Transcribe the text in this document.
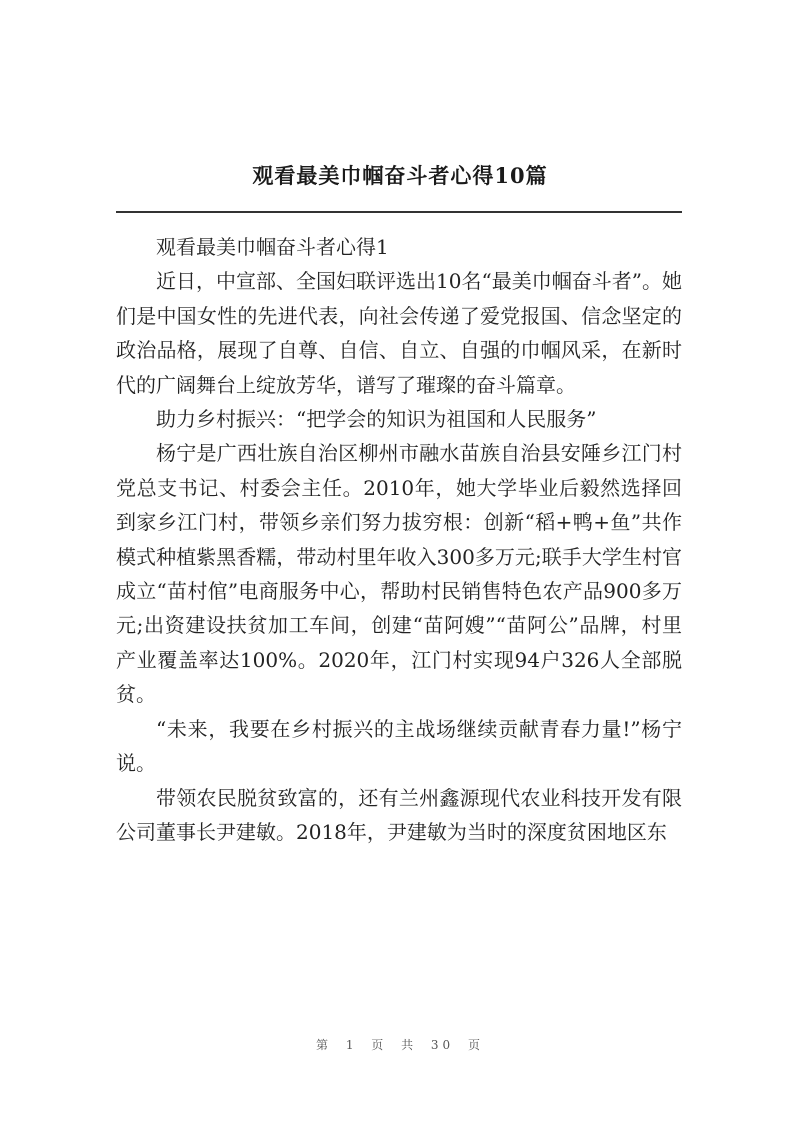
观看最美巾帼奋斗者心得10篇

观看最美巾帼奋斗者心得1

近日，中宣部、全国妇联评选出10名“最美巾帼奋斗者”。她们是中国女性的先进代表，向社会传递了爱党报国、信念坚定的政治品格，展现了自尊、自信、自立、自强的巾帼风采，在新时代的广阔舞台上绽放芳华，谱写了璀璨的奋斗篇章。

助力乡村振兴：“把学会的知识为祖国和人民服务”

杨宁是广西壮族自治区柳州市融水苗族自治县安陲乡江门村党总支书记、村委会主任。2010年，她大学毕业后毅然选择回到家乡江门村，带领乡亲们努力拔穷根：创新“稻+鸭+鱼”共作模式种植紫黑香糯，带动村里年收入300多万元;联手大学生村官成立“苗村倌”电商服务中心，帮助村民销售特色农产品900多万元;出资建设扶贫加工车间，创建“苗阿嫂”“苗阿公”品牌，村里产业覆盖率达100%。2020年，江门村实现94户326人全部脱贫。

“未来，我要在乡村振兴的主战场继续贡献青春力量!”杨宁说。

带领农民脱贫致富的，还有兰州鑫源现代农业科技开发有限公司董事长尹建敏。2018年，尹建敏为当时的深度贫困地区东

第 1 页 共 30 页
